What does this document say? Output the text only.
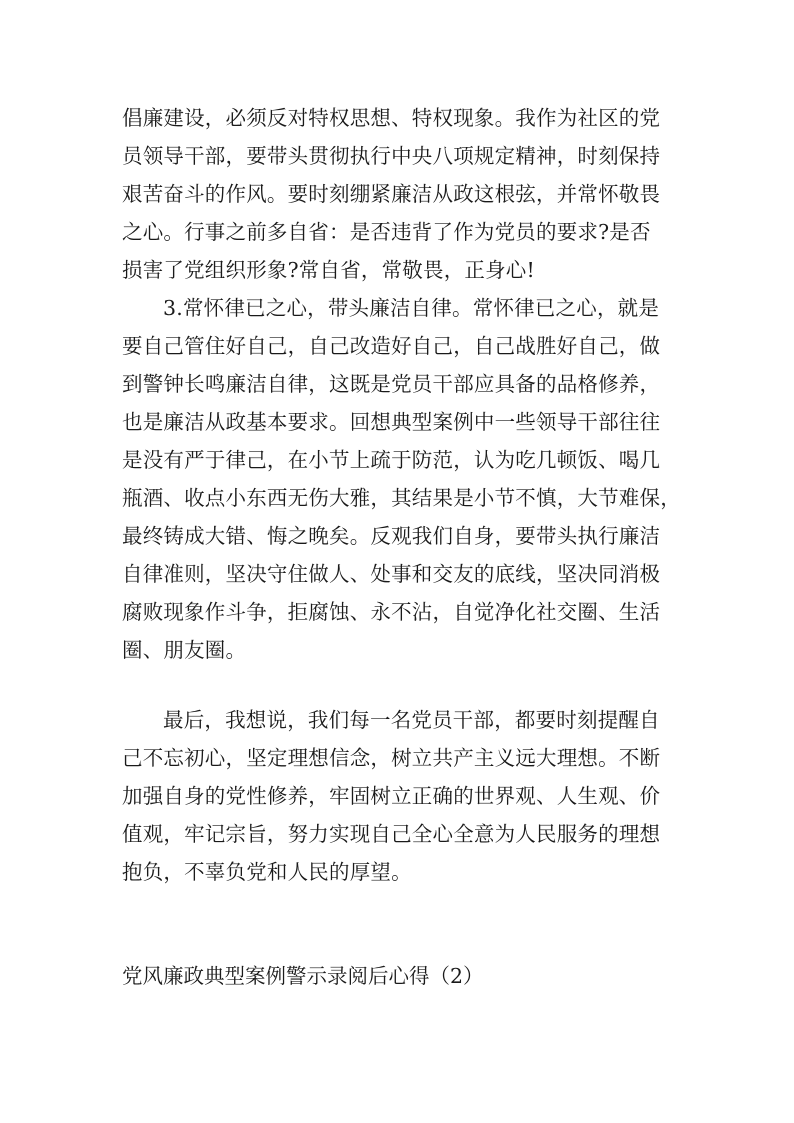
倡廉建设，必须反对特权思想、特权现象。我作为社区的党
员领导干部，要带头贯彻执行中央八项规定精神，时刻保持
艰苦奋斗的作风。要时刻绷紧廉洁从政这根弦，并常怀敬畏
之心。行事之前多自省：是否违背了作为党员的要求?是否
损害了党组织形象?常自省，常敬畏，正身心!
3.常怀律已之心，带头廉洁自律。常怀律已之心，就是
要自己管住好自己，自己改造好自己，自己战胜好自己，做
到警钟长鸣廉洁自律，这既是党员干部应具备的品格修养，
也是廉洁从政基本要求。回想典型案例中一些领导干部往往
是没有严于律己，在小节上疏于防范，认为吃几顿饭、喝几
瓶酒、收点小东西无伤大雅，其结果是小节不慎，大节难保，
最终铸成大错、悔之晚矣。反观我们自身，要带头执行廉洁
自律准则，坚决守住做人、处事和交友的底线，坚决同消极
腐败现象作斗争，拒腐蚀、永不沾，自觉净化社交圈、生活
圈、朋友圈。
最后，我想说，我们每一名党员干部，都要时刻提醒自
己不忘初心，坚定理想信念，树立共产主义远大理想。不断
加强自身的党性修养，牢固树立正确的世界观、人生观、价
值观，牢记宗旨，努力实现自己全心全意为人民服务的理想
抱负，不辜负党和人民的厚望。
党风廉政典型案例警示录阅后心得（2）
